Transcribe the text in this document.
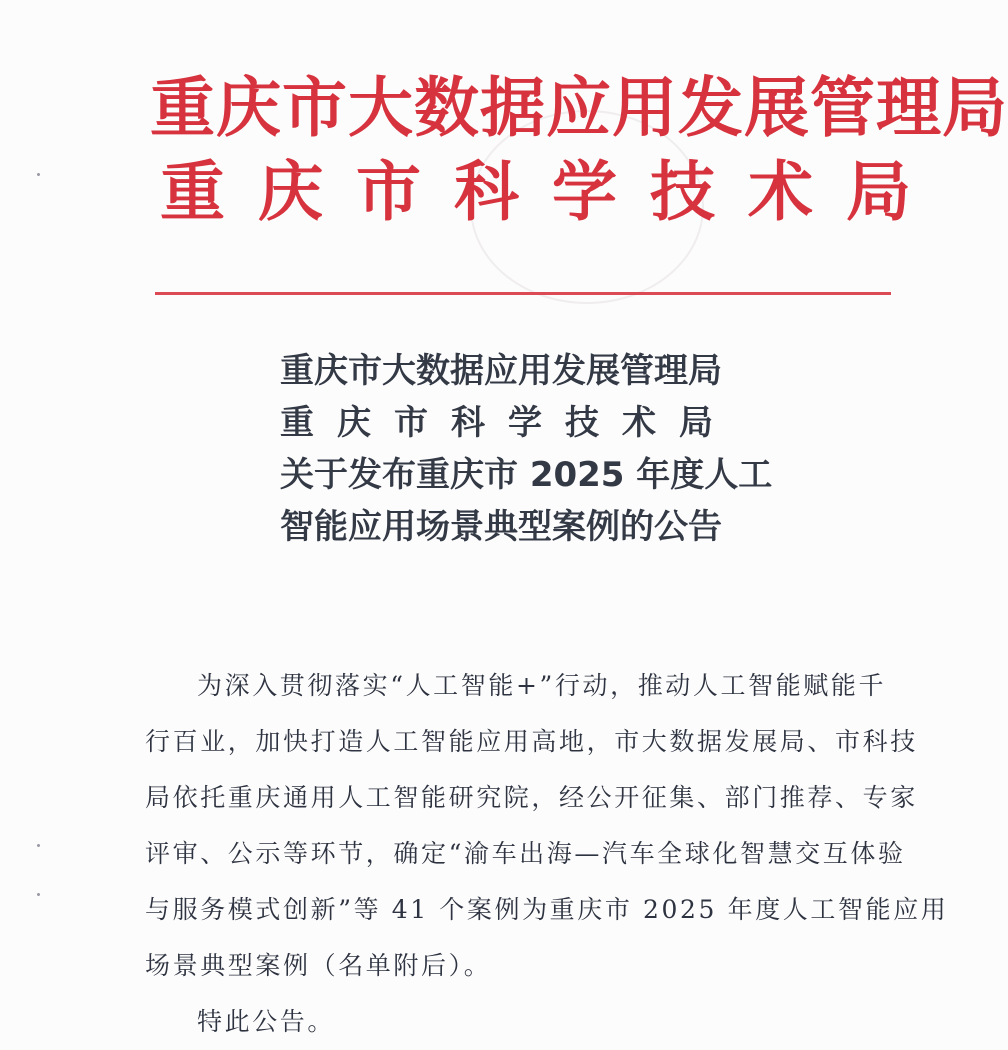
重庆市大数据应用发展管理局
重庆市科学技术局
重庆市大数据应用发展管理局
重庆市科学技术局
关于发布重庆市 2025 年度人工
智能应用场景典型案例的公告
为深入贯彻落实“人工智能+”行动，推动人工智能赋能千
行百业，加快打造人工智能应用高地，市大数据发展局、市科技
局依托重庆通用人工智能研究院，经公开征集、部门推荐、专家
评审、公示等环节，确定“渝车出海—汽车全球化智慧交互体验
与服务模式创新”等 41 个案例为重庆市 2025 年度人工智能应用
场景典型案例（名单附后）。
特此公告。
